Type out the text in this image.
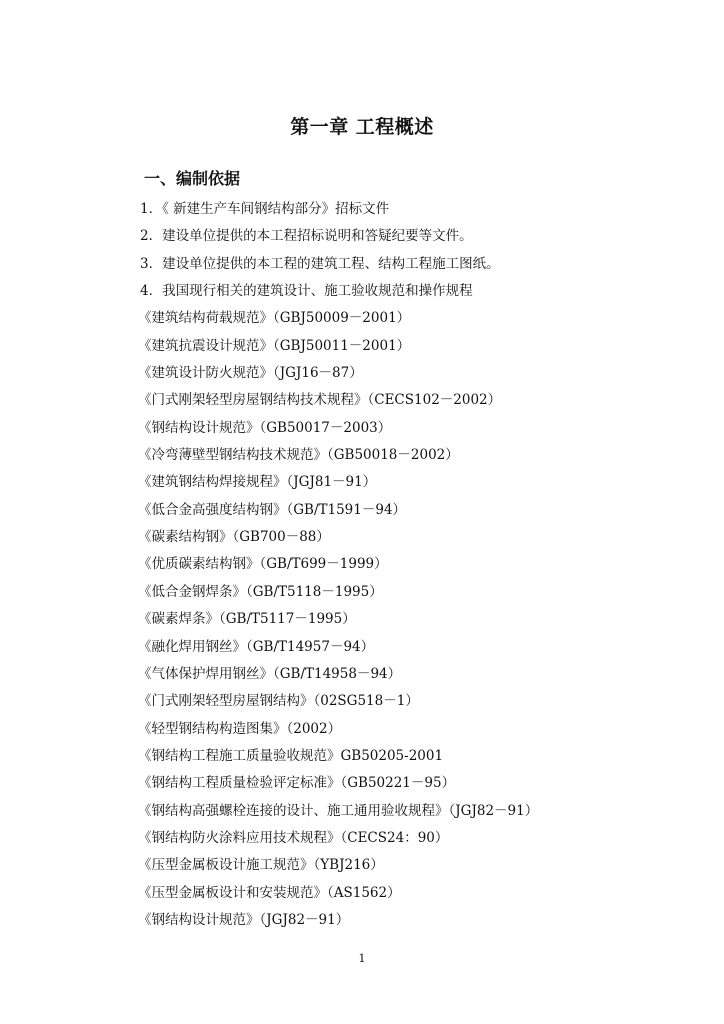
第一章 工程概述
一、编制依据
1．《 新建生产车间钢结构部分》招标文件
2．建设单位提供的本工程招标说明和答疑纪要等文件。
3．建设单位提供的本工程的建筑工程、结构工程施工图纸。
4．我国现行相关的建筑设计、施工验收规范和操作规程
《建筑结构荷载规范》（GBJ50009－2001）
《建筑抗震设计规范》（GBJ50011－2001）
《建筑设计防火规范》（JGJ16－87）
《门式刚架轻型房屋钢结构技术规程》（CECS102－2002）
《钢结构设计规范》（GB50017－2003）
《冷弯薄壁型钢结构技术规范》（GB50018－2002）
《建筑钢结构焊接规程》（JGJ81－91）
《低合金高强度结构钢》（GB/T1591－94）
《碳素结构钢》（GB700－88）
《优质碳素结构钢》（GB/T699－1999）
《低合金钢焊条》（GB/T5118－1995）
《碳素焊条》（GB/T5117－1995）
《融化焊用钢丝》（GB/T14957－94）
《气体保护焊用钢丝》（GB/T14958－94）
《门式刚架轻型房屋钢结构》（02SG518－1）
《轻型钢结构构造图集》（2002）
《钢结构工程施工质量验收规范》GB50205-2001
《钢结构工程质量检验评定标准》（GB50221－95）
《钢结构高强螺栓连接的设计、施工通用验收规程》（JGJ82－91）
《钢结构防火涂料应用技术规程》（CECS24：90）
《压型金属板设计施工规范》（YBJ216）
《压型金属板设计和安装规范》（AS1562）
《钢结构设计规范》（JGJ82－91）
1
